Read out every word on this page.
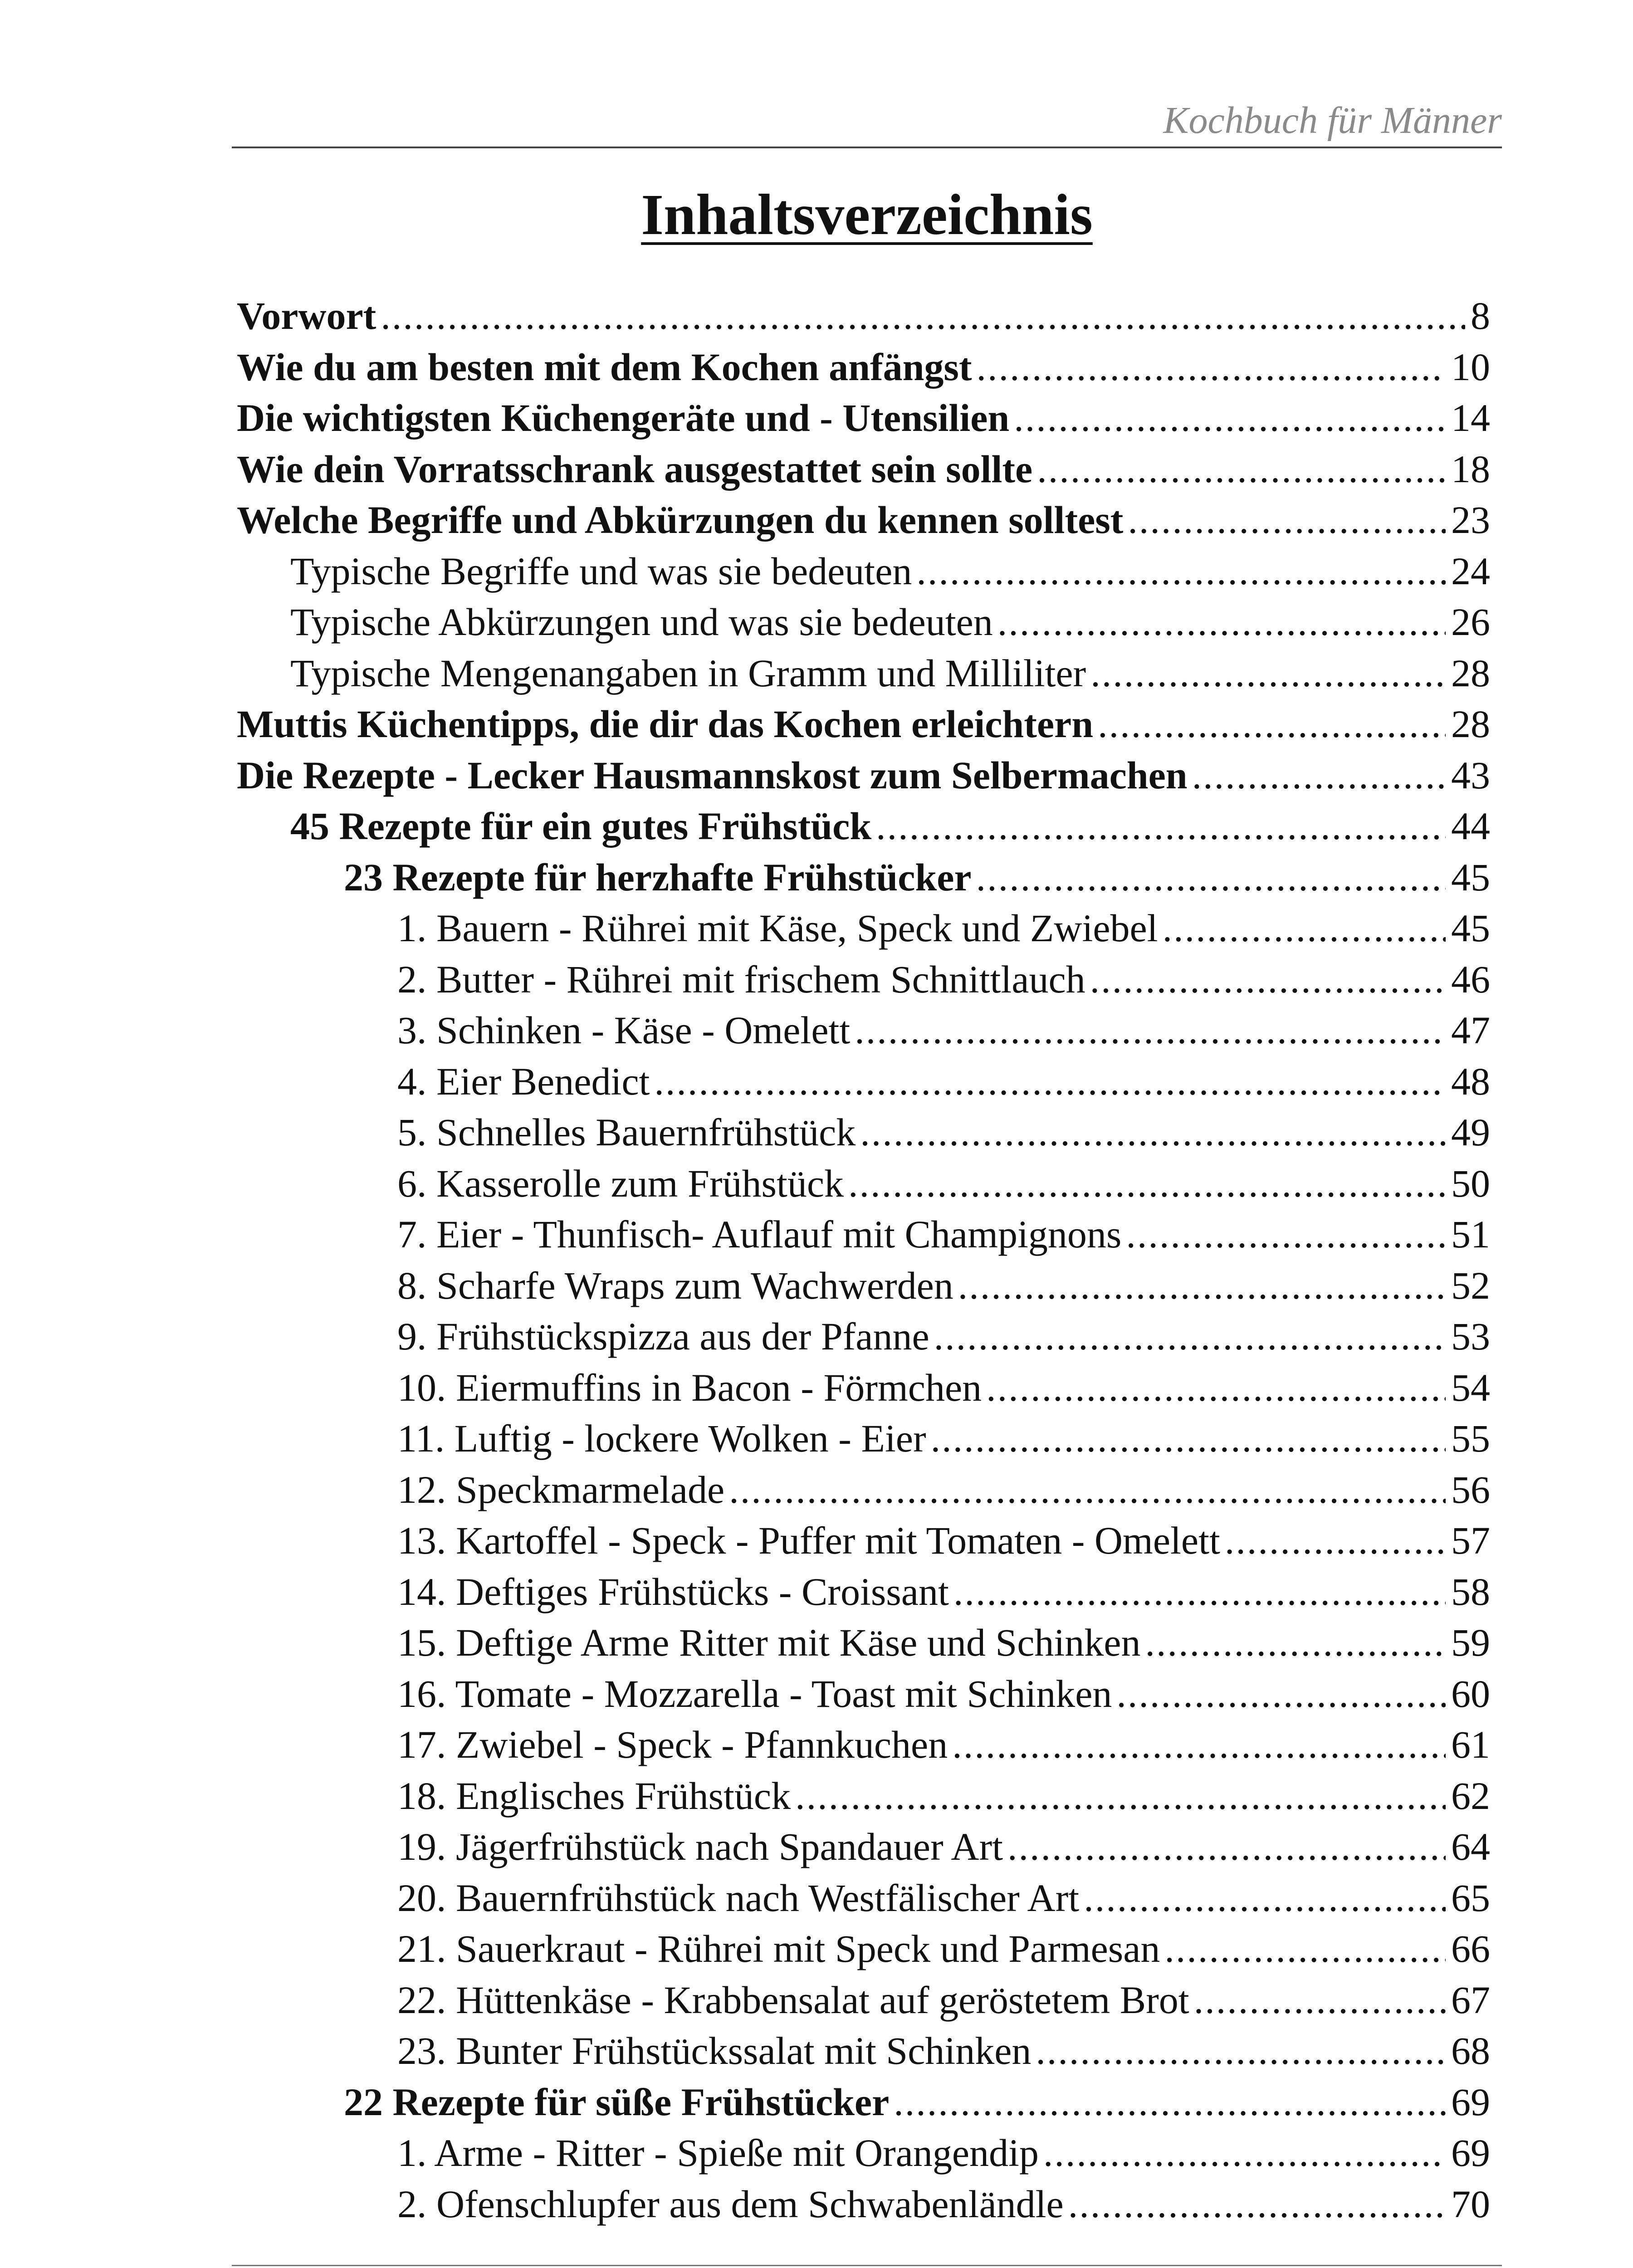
Kochbuch für Männer
Inhaltsverzeichnis
Vorwort .....	8
Wie du am besten mit dem Kochen anfängst .....	10
Die wichtigsten Küchengeräte und - Utensilien .....	14
Wie dein Vorratsschrank ausgestattet sein sollte .....	18
Welche Begriffe und Abkürzungen du kennen solltest .....	23
Typische Begriffe und was sie bedeuten .....	24
Typische Abkürzungen und was sie bedeuten .....	26
Typische Mengenangaben in Gramm und Milliliter .....	28
Muttis Küchentipps, die dir das Kochen erleichtern .....	28
Die Rezepte - Lecker Hausmannskost zum Selbermachen .....	43
45 Rezepte für ein gutes Frühstück .....	44
23 Rezepte für herzhafte Frühstücker .....	45
1. Bauern - Rührei mit Käse, Speck und Zwiebel .....	45
2. Butter - Rührei mit frischem Schnittlauch .....	46
3. Schinken - Käse - Omelett .....	47
4. Eier Benedict .....	48
5. Schnelles Bauernfrühstück .....	49
6. Kasserolle zum Frühstück .....	50
7. Eier - Thunfisch- Auflauf mit Champignons .....	51
8. Scharfe Wraps zum Wachwerden .....	52
9. Frühstückspizza aus der Pfanne .....	53
10. Eiermuffins in Bacon - Förmchen .....	54
11. Luftig - lockere Wolken - Eier .....	55
12. Speckmarmelade .....	56
13. Kartoffel - Speck - Puffer mit Tomaten - Omelett .....	57
14. Deftiges Frühstücks - Croissant .....	58
15. Deftige Arme Ritter mit Käse und Schinken .....	59
16. Tomate - Mozzarella - Toast mit Schinken .....	60
17. Zwiebel - Speck - Pfannkuchen .....	61
18. Englisches Frühstück .....	62
19. Jägerfrühstück nach Spandauer Art .....	64
20. Bauernfrühstück nach Westfälischer Art .....	65
21. Sauerkraut - Rührei mit Speck und Parmesan .....	66
22. Hüttenkäse - Krabbensalat auf geröstetem Brot .....	67
23. Bunter Frühstückssalat mit Schinken .....	68
22 Rezepte für süße Frühstücker .....	69
1. Arme - Ritter - Spieße mit Orangendip .....	69
2. Ofenschlupfer aus dem Schwabenländle .....	70
